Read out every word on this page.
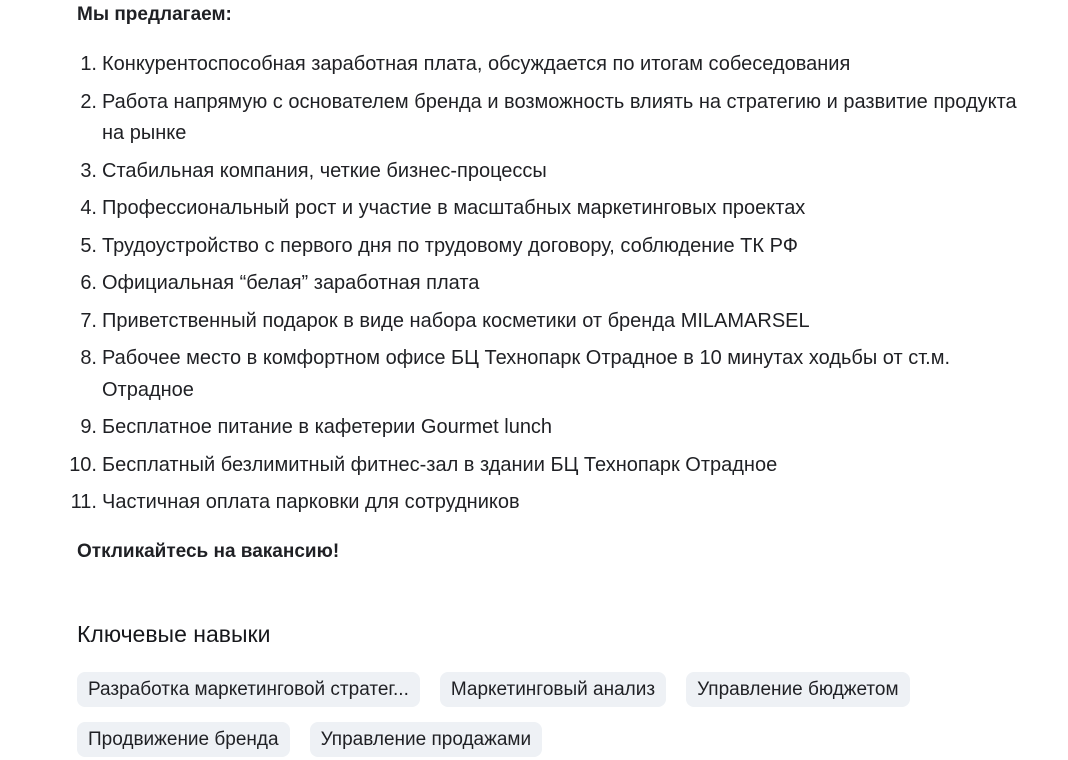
Мы предлагаем:

1. Конкурентоспособная заработная плата, обсуждается по итогам собеседования
2. Работа напрямую с основателем бренда и возможность влиять на стратегию и развитие продукта на рынке
3. Стабильная компания, четкие бизнес-процессы
4. Профессиональный рост и участие в масштабных маркетинговых проектах
5. Трудоустройство с первого дня по трудовому договору, соблюдение ТК РФ
6. Официальная “белая” заработная плата
7. Приветственный подарок в виде набора косметики от бренда MILAMARSEL
8. Рабочее место в комфортном офисе БЦ Технопарк Отрадное в 10 минутах ходьбы от ст.м. Отрадное
9. Бесплатное питание в кафетерии Gourmet lunch
10. Бесплатный безлимитный фитнес-зал в здании БЦ Технопарк Отрадное
11. Частичная оплата парковки для сотрудников

Откликайтесь на вакансию!

Ключевые навыки
Разработка маркетинговой стратег...	Маркетинговый анализ	Управление бюджетом
Продвижение бренда	Управление продажами
